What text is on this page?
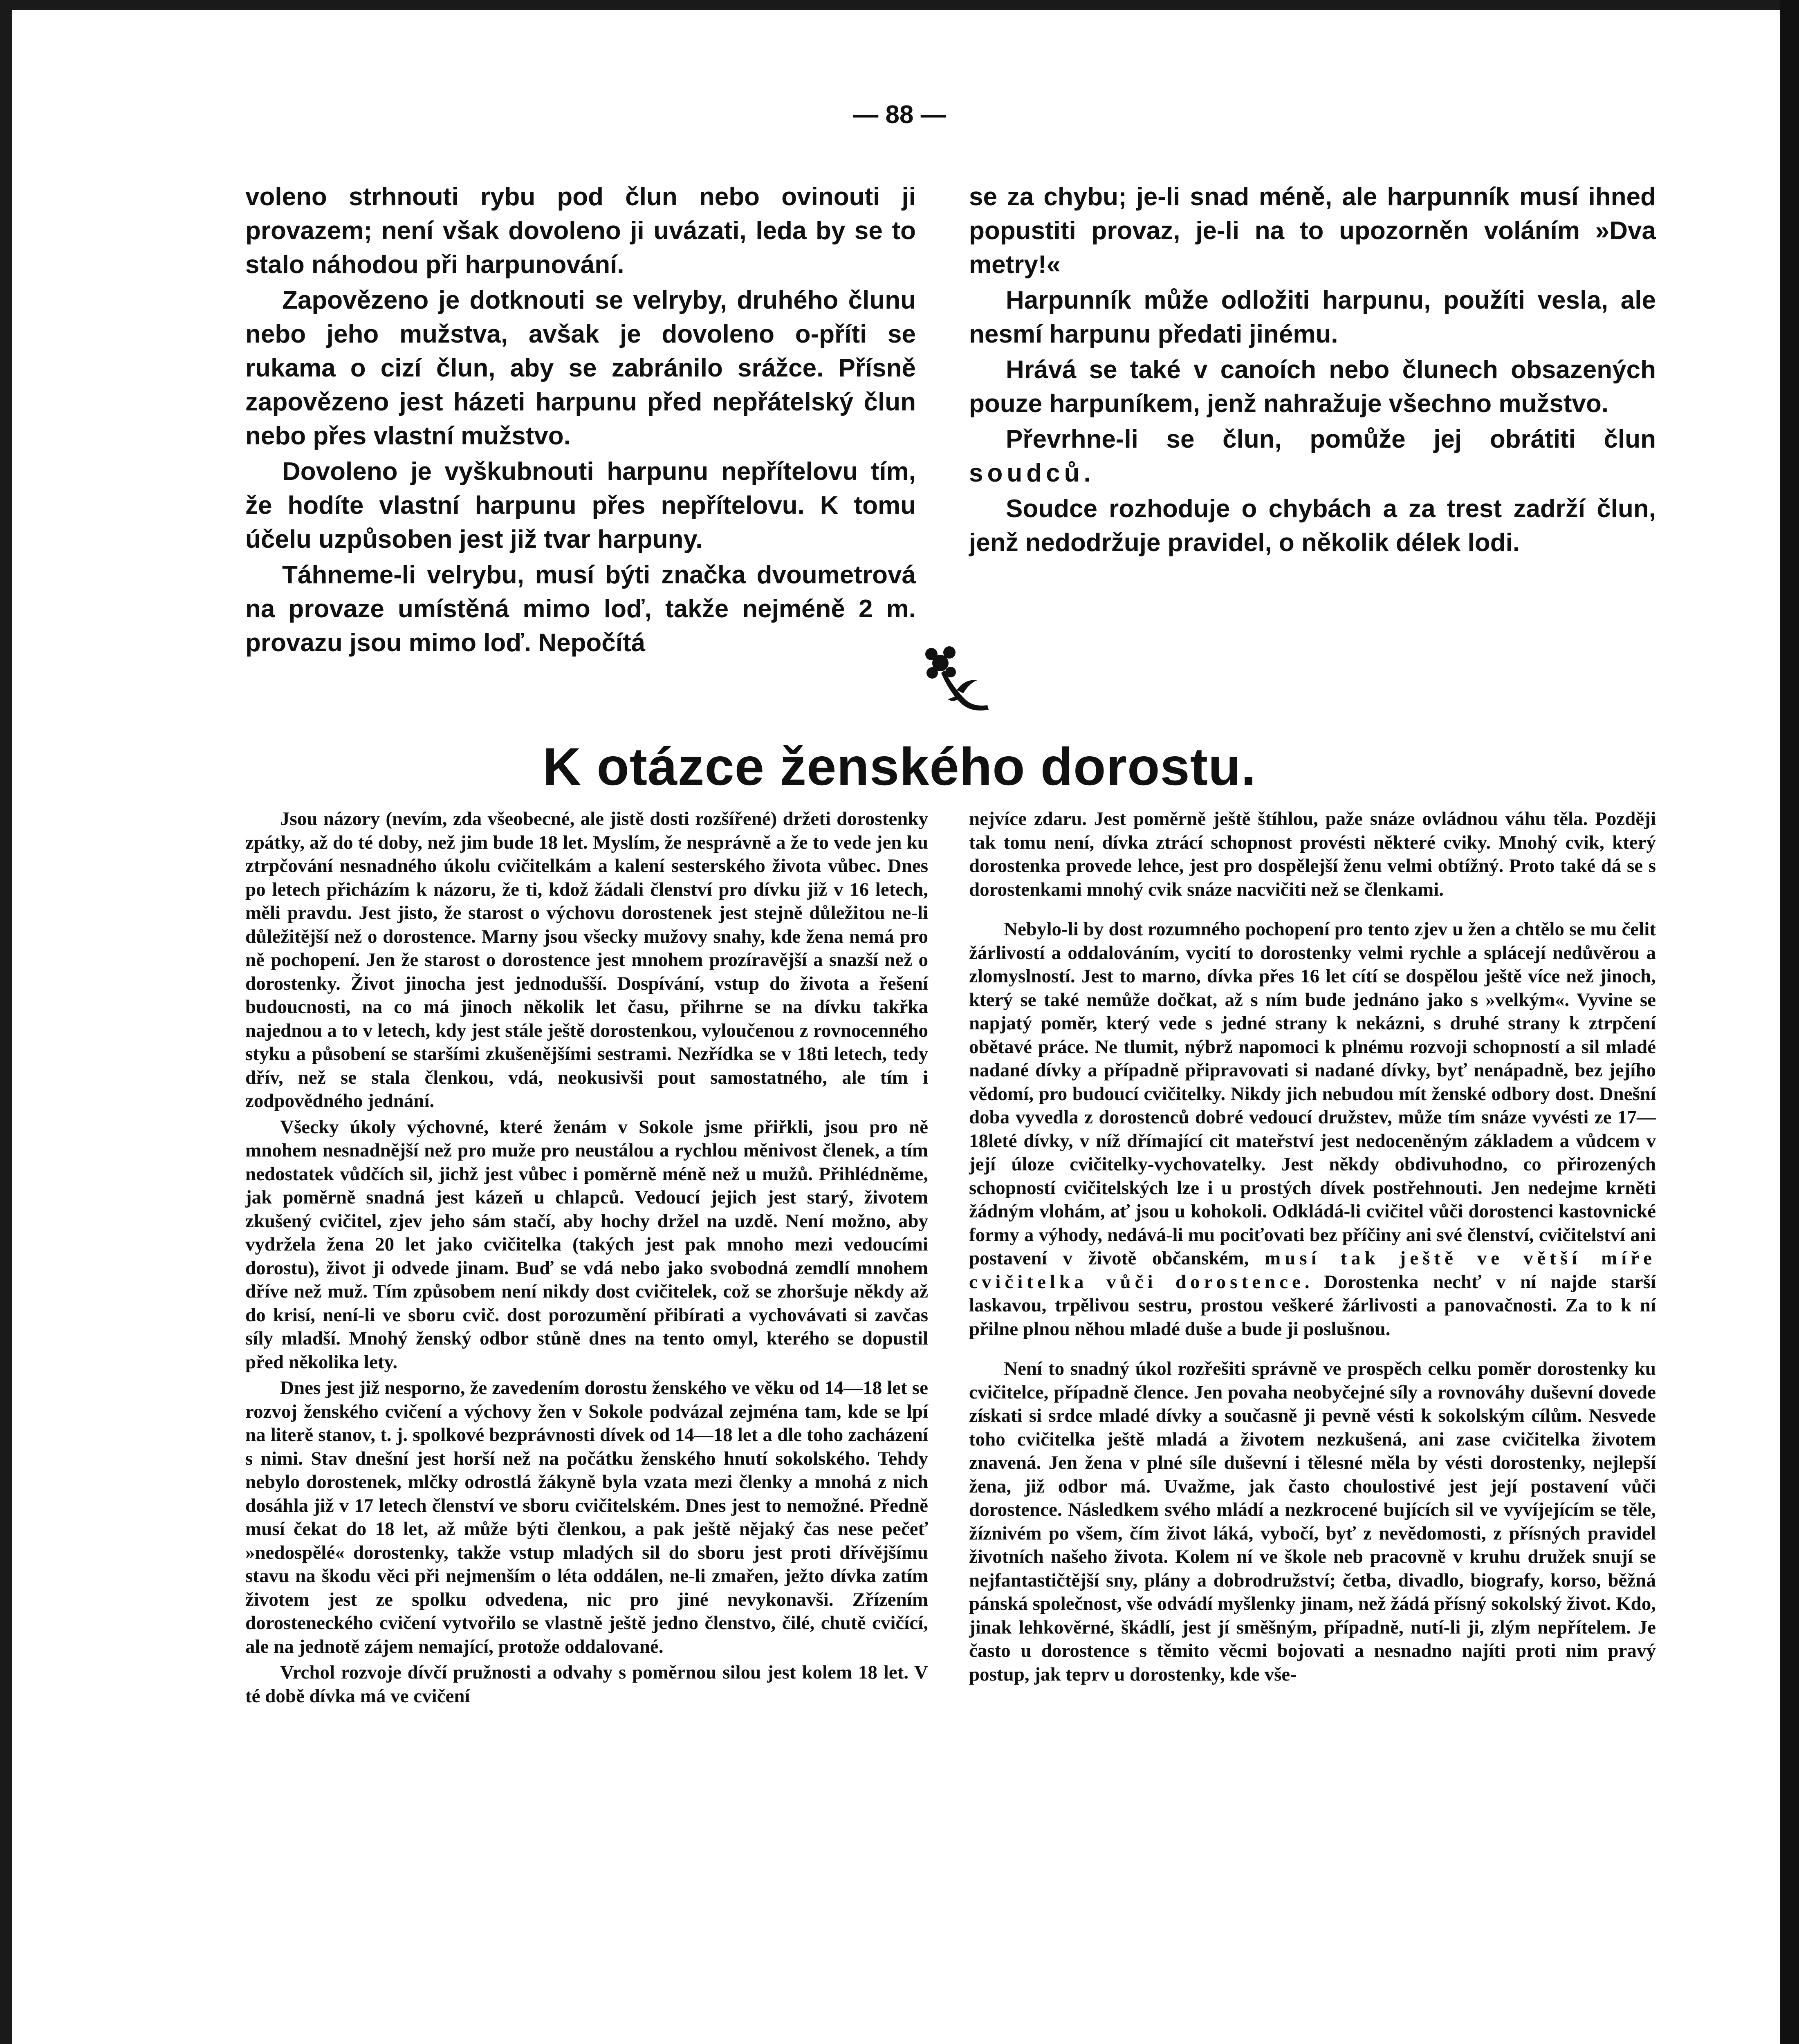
— 88 —

voleno strhnouti rybu pod člun nebo ovinouti ji provazem; není však dovoleno ji uvázati, leda by se to stalo náhodou při harpunování.

Zapovězeno je dotknouti se velryby, druhého člunu nebo jeho mužstva, avšak je dovoleno o-příti se rukama o cizí člun, aby se zabránilo srážce. Přísně zapovězeno jest házeti harpunu před nepřátelský člun nebo přes vlastní mužstvo.

Dovoleno je vyškubnouti harpunu nepřítelovu tím, že hodíte vlastní harpunu přes nepřítelovu. K tomu účelu uzpůsoben jest již tvar harpuny.

Táhneme-li velrybu, musí býti značka dvoumetrová na provaze umístěná mimo loď, takže nejméně 2 m. provazu jsou mimo loď. Nepočítá

se za chybu; je-li snad méně, ale harpunník musí ihned popustiti provaz, je-li na to upozorněn voláním »Dva metry!«

Harpunník může odložiti harpunu, použíti vesla, ale nesmí harpunu předati jinému.

Hrává se také v canoích nebo člunech obsazených pouze harpuníkem, jenž nahražuje všechno mužstvo.

Převrhne-li se člun, pomůže jej obrátiti člun soudců.

Soudce rozhoduje o chybách a za trest zadrží člun, jenž nedodržuje pravidel, o několik délek lodi.

K otázce ženského dorostu.

Jsou názory (nevím, zda všeobecné, ale jistě dosti rozšířené) držeti dorostenky zpátky, až do té doby, než jim bude 18 let. Myslím, že nesprávně a že to vede jen ku ztrpčování nesnadného úkolu cvičitelkám a kalení sesterského života vůbec. Dnes po letech přicházím k názoru, že ti, kdož žádali členství pro dívku již v 16 letech, měli pravdu. Jest jisto, že starost o výchovu dorostenek jest stejně důležitou ne-li důležitější než o dorostence. Marny jsou všecky mužovy snahy, kde žena nemá pro ně pochopení. Jen že starost o dorostence jest mnohem prozíravější a snazší než o dorostenky. Život jinocha jest jednodušší. Dospívání, vstup do života a řešení budoucnosti, na co má jinoch několik let času, přihrne se na dívku takřka najednou a to v letech, kdy jest stále ještě dorostenkou, vyloučenou z rovnocenného styku a působení se staršími zkušenějšími sestrami. Nezřídka se v 18ti letech, tedy dřív, než se stala členkou, vdá, neokusivši pout samostatného, ale tím i zodpovědného jednání.

Všecky úkoly výchovné, které ženám v Sokole jsme přiřkli, jsou pro ně mnohem nesnadnější než pro muže pro neustálou a rychlou měnivost členek, a tím nedostatek vůdčích sil, jichž jest vůbec i poměrně méně než u mužů. Přihlédněme, jak poměrně snadná jest kázeň u chlapců. Vedoucí jejich jest starý, životem zkušený cvičitel, zjev jeho sám stačí, aby hochy držel na uzdě. Není možno, aby vydržela žena 20 let jako cvičitelka (takých jest pak mnoho mezi vedoucími dorostu), život ji odvede jinam. Buď se vdá nebo jako svobodná zemdlí mnohem dříve než muž. Tím způsobem není nikdy dost cvičitelek, což se zhoršuje někdy až do krisí, není-li ve sboru cvič. dost porozumění přibírati a vychovávati si zavčas síly mladší. Mnohý ženský odbor stůně dnes na tento omyl, kterého se dopustil před několika lety.

Dnes jest již nesporno, že zavedením dorostu ženského ve věku od 14—18 let se rozvoj ženského cvičení a výchovy žen v Sokole podvázal zejména tam, kde se lpí na literě stanov, t. j. spolkové bezprávnosti dívek od 14—18 let a dle toho zacházení s nimi. Stav dnešní jest horší než na počátku ženského hnutí sokolského. Tehdy nebylo dorostenek, mlčky odrostlá žákyně byla vzata mezi členky a mnohá z nich dosáhla již v 17 letech členství ve sboru cvičitelském. Dnes jest to nemožné. Předně musí čekat do 18 let, až může býti členkou, a pak ještě nějaký čas nese pečeť »nedospělé« dorostenky, takže vstup mladých sil do sboru jest proti dřívějšímu stavu na škodu věci při nejmenším o léta oddálen, ne-li zmařen, ježto dívka zatím životem jest ze spolku odvedena, nic pro jiné nevykonavši. Zřízením dorosteneckého cvičení vytvořilo se vlastně ještě jedno členstvo, čilé, chutě cvičící, ale na jednotě zájem nemající, protože oddalované.

Vrchol rozvoje dívčí pružnosti a odvahy s poměrnou silou jest kolem 18 let. V té době dívka má ve cvičení

nejvíce zdaru. Jest poměrně ještě štíhlou, paže snáze ovládnou váhu těla. Později tak tomu není, dívka ztrácí schopnost provésti některé cviky. Mnohý cvik, který dorostenka provede lehce, jest pro dospělejší ženu velmi obtížný. Proto také dá se s dorostenkami mnohý cvik snáze nacvičiti než se členkami.

Nebylo-li by dost rozumného pochopení pro tento zjev u žen a chtělo se mu čelit žárlivostí a oddalováním, vycití to dorostenky velmi rychle a splácejí nedůvěrou a zlomyslností. Jest to marno, dívka přes 16 let cítí se dospělou ještě více než jinoch, který se také nemůže dočkat, až s ním bude jednáno jako s »velkým«. Vyvine se napjatý poměr, který vede s jedné strany k nekázni, s druhé strany k ztrpčení obětavé práce. Ne tlumit, nýbrž napomoci k plnému rozvoji schopností a sil mladé nadané dívky a případně připravovati si nadané dívky, byť nenápadně, bez jejího vědomí, pro budoucí cvičitelky. Nikdy jich nebudou mít ženské odbory dost. Dnešní doba vyvedla z dorostenců dobré vedoucí družstev, může tím snáze vyvésti ze 17—18leté dívky, v níž dřímající cit mateřství jest nedoceněným základem a vůdcem v její úloze cvičitelky-vychovatelky. Jest někdy obdivuhodno, co přirozených schopností cvičitelských lze i u prostých dívek postřehnouti. Jen nedejme krněti žádným vlohám, ať jsou u kohokoli. Odkládá-li cvičitel vůči dorostenci kastovnické formy a výhody, nedává-li mu pociťovati bez příčiny ani své členství, cvičitelství ani postavení v životě občanském, musí tak ještě ve větší míře cvičitelka vůči dorostence. Dorostenka nechť v ní najde starší laskavou, trpělivou sestru, prostou veškeré žárlivosti a panovačnosti. Za to k ní přilne plnou něhou mladé duše a bude ji poslušnou.

Není to snadný úkol rozřešiti správně ve prospěch celku poměr dorostenky ku cvičitelce, případně člence. Jen povaha neobyčejné síly a rovnováhy duševní dovede získati si srdce mladé dívky a současně ji pevně vésti k sokolským cílům. Nesvede toho cvičitelka ještě mladá a životem nezkušená, ani zase cvičitelka životem znavená. Jen žena v plné síle duševní i tělesné měla by vésti dorostenky, nejlepší žena, již odbor má. Uvažme, jak často choulostivé jest její postavení vůči dorostence. Následkem svého mládí a nezkrocené bujících sil ve vyvíjejícím se těle, žíznivém po všem, čím život láká, vybočí, byť z nevědomosti, z přísných pravidel životních našeho života. Kolem ní ve škole neb pracovně v kruhu družek snují se nejfantastičtější sny, plány a dobrodružství; četba, divadlo, biografy, korso, běžná pánská společnost, vše odvádí myšlenky jinam, než žádá přísný sokolský život. Kdo, jinak lehkověrné, škádlí, jest jí směšným, případně, nutí-li ji, zlým nepřítelem. Je často u dorostence s těmito věcmi bojovati a nesnadno najíti proti nim pravý postup, jak teprv u dorostenky, kde vše-
